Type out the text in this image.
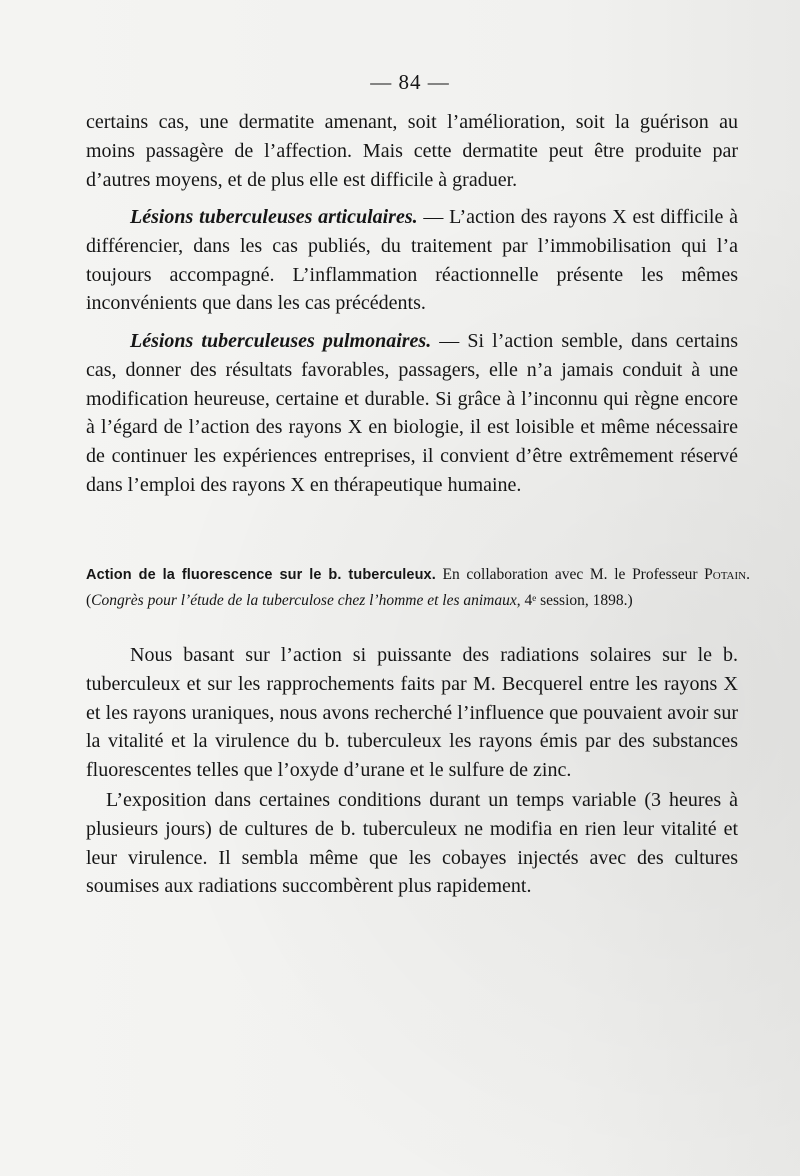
— 84 —

certains cas, une dermatite amenant, soit l’amélioration, soit la guérison au moins passagère de l’affection. Mais cette dermatite peut être produite par d’autres moyens, et de plus elle est difficile à graduer.

Lésions tuberculeuses articulaires. — L’action des rayons X est difficile à différencier, dans les cas publiés, du traitement par l’immobilisation qui l’a toujours accompagné. L’inflammation réactionnelle présente les mêmes inconvénients que dans les cas précédents.

Lésions tuberculeuses pulmonaires. — Si l’action semble, dans certains cas, donner des résultats favorables, passagers, elle n’a jamais conduit à une modification heureuse, certaine et durable. Si grâce à l’inconnu qui règne encore à l’égard de l’action des rayons X en biologie, il est loisible et même nécessaire de continuer les expériences entreprises, il convient d’être extrêmement réservé dans l’emploi des rayons X en thérapeutique humaine.

Action de la fluorescence sur le b. tuberculeux. En collaboration avec M. le Professeur Potain. (Congrès pour l’étude de la tuberculose chez l’homme et les animaux, 4ᵉ session, 1898.)

Nous basant sur l’action si puissante des radiations solaires sur le b. tuberculeux et sur les rapprochements faits par M. Becquerel entre les rayons X et les rayons uraniques, nous avons recherché l’influence que pouvaient avoir sur la vitalité et la virulence du b. tuberculeux les rayons émis par des substances fluorescentes telles que l’oxyde d’urane et le sulfure de zinc.

L’exposition dans certaines conditions durant un temps variable (3 heures à plusieurs jours) de cultures de b. tuberculeux ne modifia en rien leur vitalité et leur virulence. Il sembla même que les cobayes injectés avec des cultures soumises aux radiations succombèrent plus rapidement.
